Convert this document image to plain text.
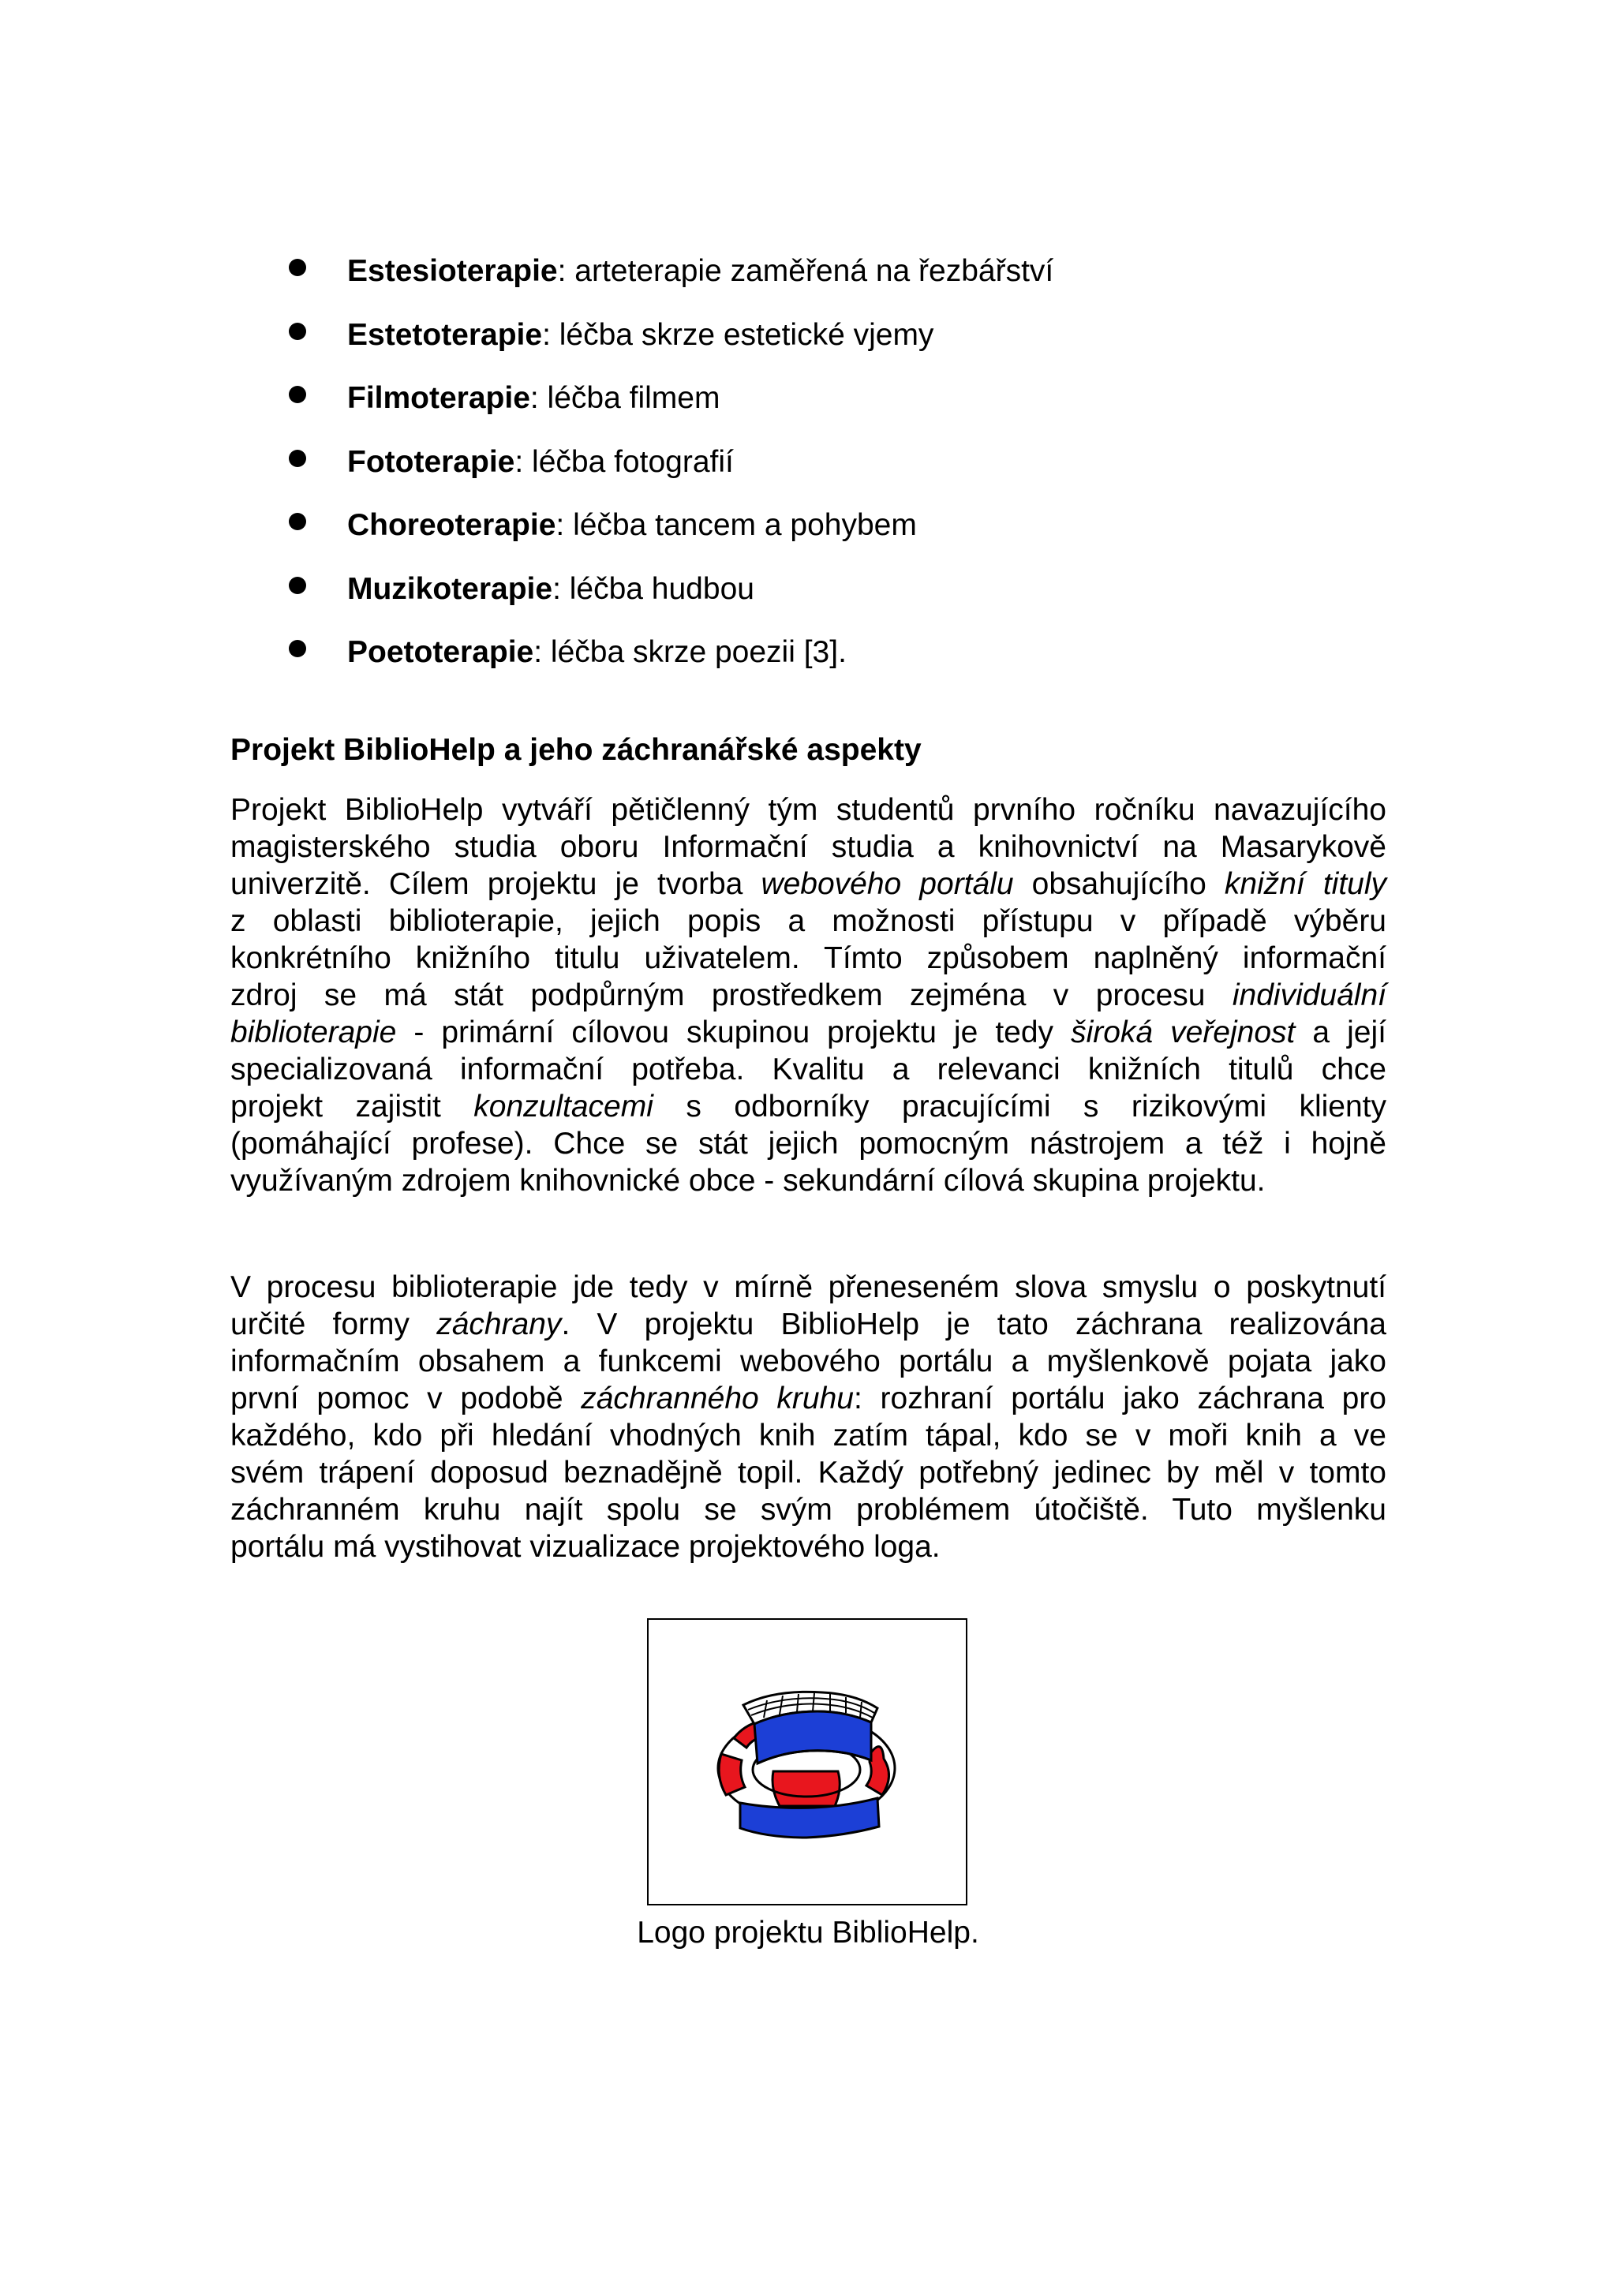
Estesioterapie: arteterapie zaměřená na řezbářství
Estetoterapie: léčba skrze estetické vjemy
Filmoterapie: léčba filmem
Fototerapie: léčba fotografií
Choreoterapie: léčba tancem a pohybem
Muzikoterapie: léčba hudbou
Poetoterapie: léčba skrze poezii [3].
Projekt BiblioHelp a jeho záchranářské aspekty

Projekt BiblioHelp vytváří pětičlenný tým studentů prvního ročníku navazujícího
magisterského studia oboru Informační studia a knihovnictví na Masarykově
univerzitě. Cílem projektu je tvorba webového portálu obsahujícího knižní tituly
z oblasti biblioterapie, jejich popis a možnosti přístupu v případě výběru
konkrétního knižního titulu uživatelem. Tímto způsobem naplněný informační
zdroj se má stát podpůrným prostředkem zejména v procesu individuální
biblioterapie - primární cílovou skupinou projektu je tedy široká veřejnost a její
specializovaná informační potřeba. Kvalitu a relevanci knižních titulů chce
projekt zajistit konzultacemi s odborníky pracujícími s rizikovými klienty
(pomáhající profese). Chce se stát jejich pomocným nástrojem a též i hojně
využívaným zdrojem knihovnické obce - sekundární cílová skupina projektu.

V procesu biblioterapie jde tedy v mírně přeneseném slova smyslu o poskytnutí
určité formy záchrany. V projektu BiblioHelp je tato záchrana realizována
informačním obsahem a funkcemi webového portálu a myšlenkově pojata jako
první pomoc v podobě záchranného kruhu: rozhraní portálu jako záchrana pro
každého, kdo při hledání vhodných knih zatím tápal, kdo se v moři knih a ve
svém trápení doposud beznadějně topil. Každý potřebný jedinec by měl v tomto
záchranném kruhu najít spolu se svým problémem útočiště. Tuto myšlenku
portálu má vystihovat vizualizace projektového loga.

Logo projektu BiblioHelp.
